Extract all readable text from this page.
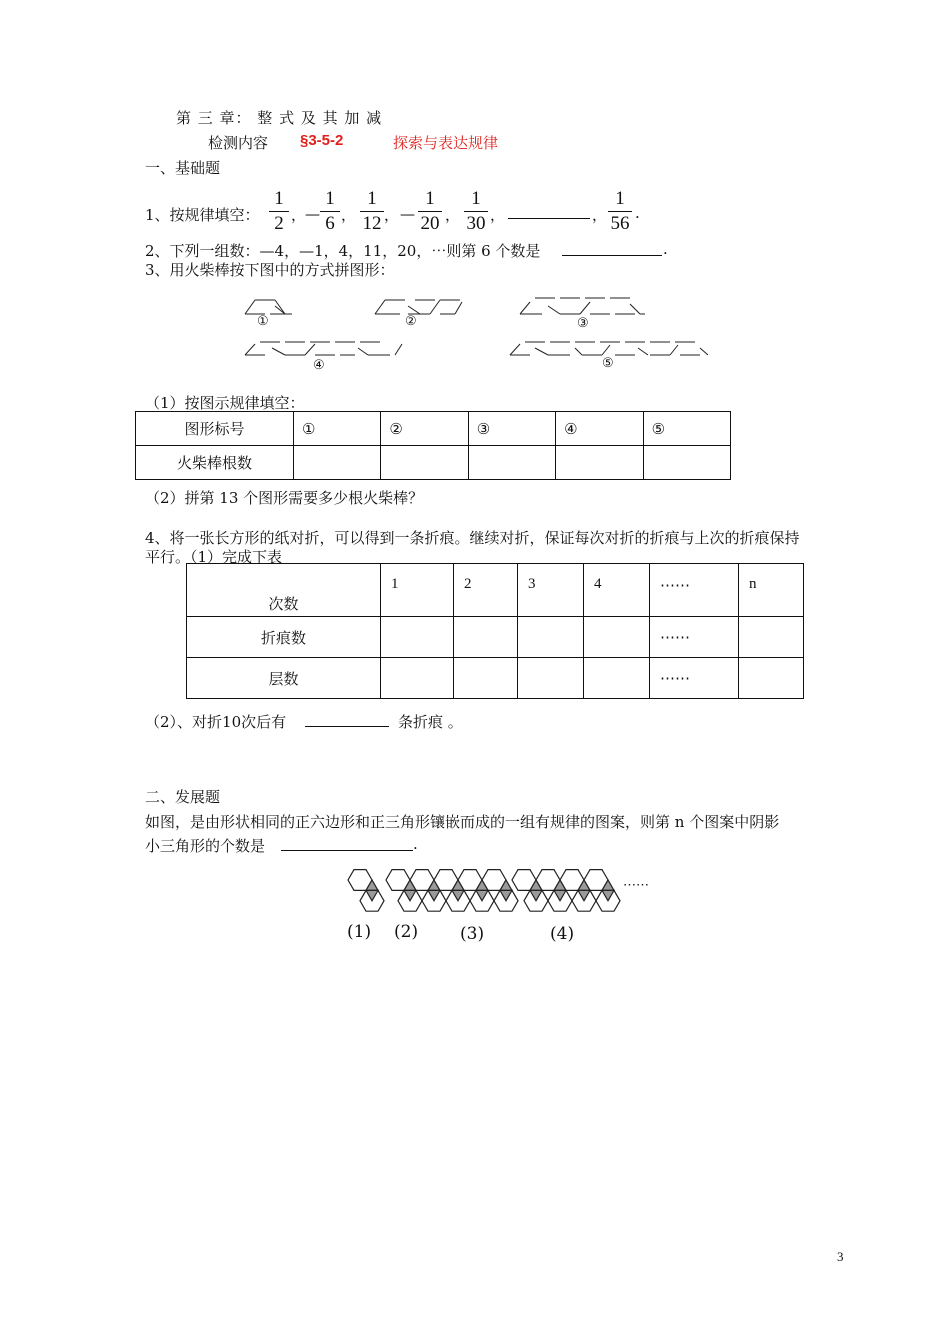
第 三 章： 整 式 及 其 加 减
检测内容 §3-5-2	探索与表达规律
一、基础题
1、按规律填空：
1
2 ，
—
1
6 ，
1
12 ， —
1
20 ，
1
30 ，	，
1
56 .
2、下列一组数：—4，—1，4，11，20，⋯则第 6 个数是	.
3、用火柴棒按下图中的方式拼图形：
①	②	③
④	⑤
（1）按图示规律填空：
图形标号	①	②	③	④	⑤
火柴棒根数					
（2）拼第 13 个图形需要多少根火柴棒？
4、将一张长方形的纸对折，可以得到一条折痕。继续对折，保证每次对折的折痕与上次的折痕保持
平行。（1）完成下表
次数	1	2	3	4	⋯⋯	n
折痕数					⋯⋯	
层数					⋯⋯	
（2）、对折10次后有	条折痕 。
二、发展题
如图，是由形状相同的正六边形和正三角形镶嵌而成的一组有规律的图案，则第 n 个图案中阴影
小三角形的个数是	.
(1) (2) (3)	(4)
⋯⋯
3
